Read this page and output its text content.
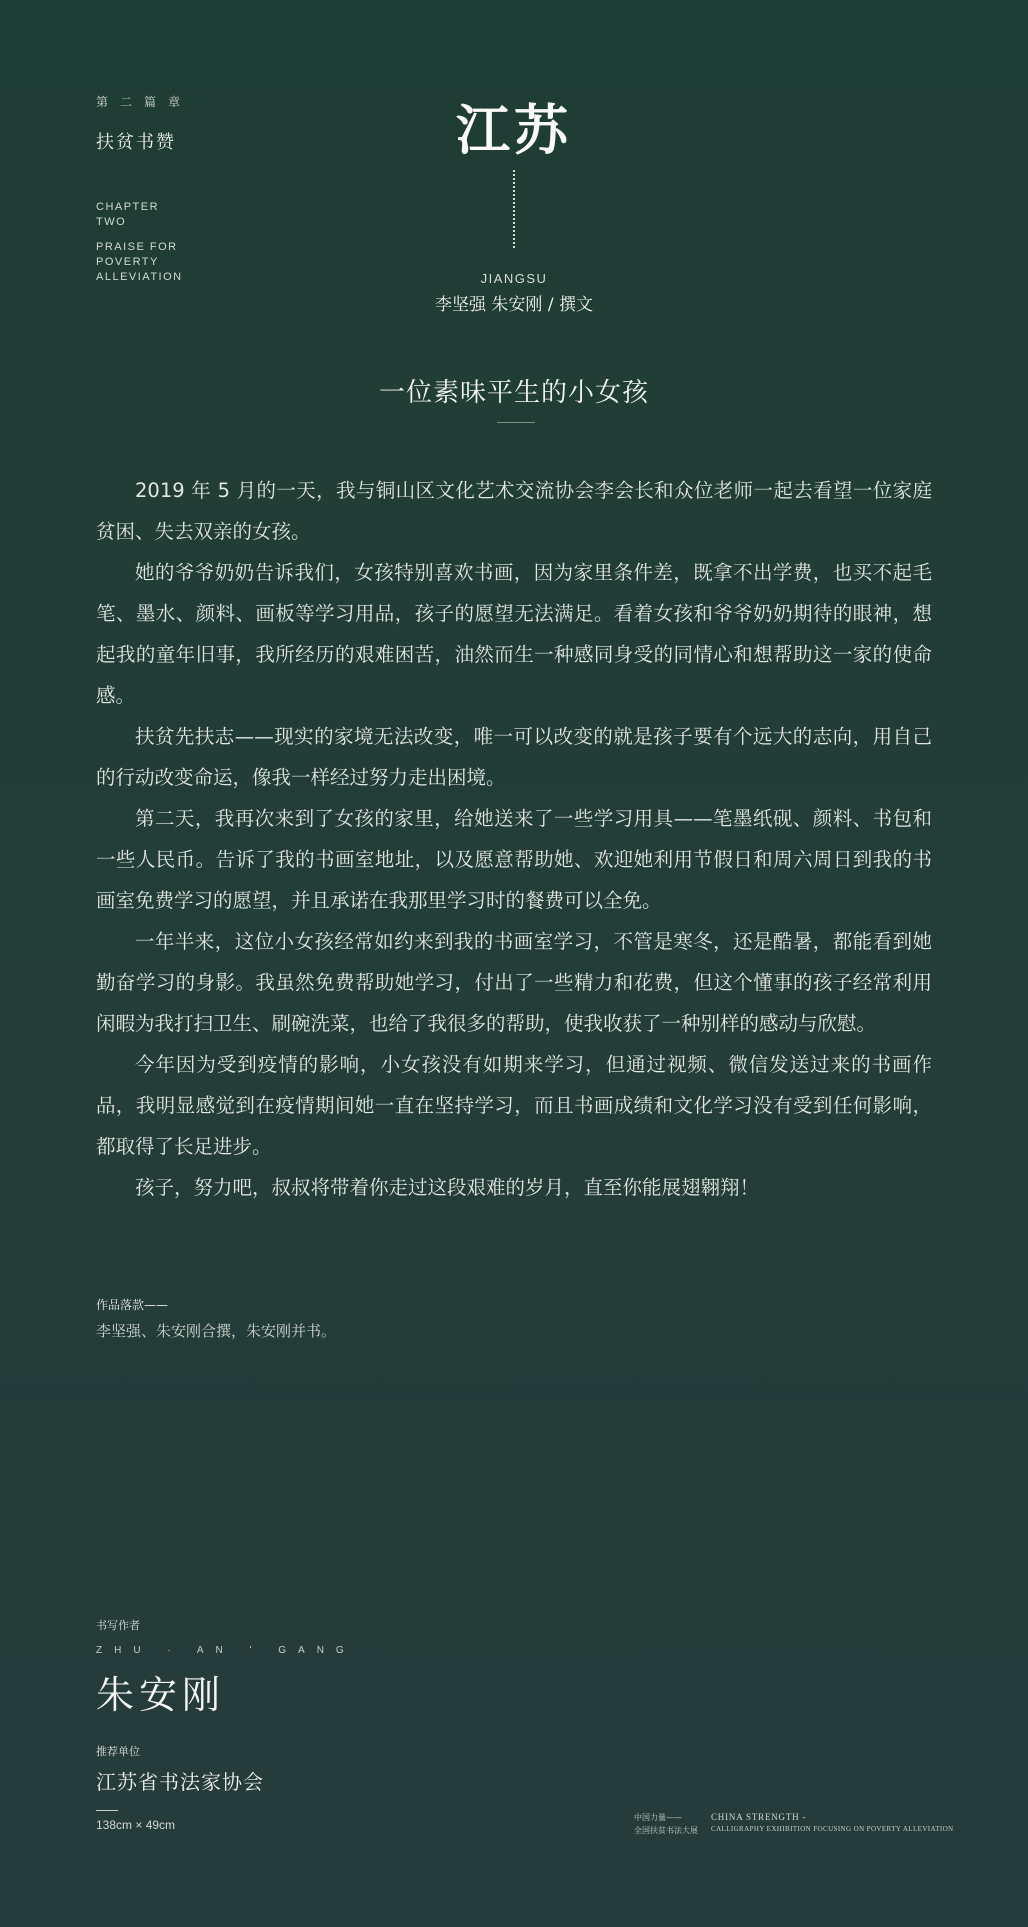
第二篇章
扶贫书赞
CHAPTER
TWO
PRAISE FOR
POVERTY
ALLEVIATION
江苏
JIANGSU
李坚强 朱安刚 / 撰文
一位素味平生的小女孩

2019 年 5 月的一天，我与铜山区文化艺术交流协会李会长和众位老师一起去看望一位家庭贫困、失去双亲的女孩。

她的爷爷奶奶告诉我们，女孩特别喜欢书画，因为家里条件差，既拿不出学费，也买不起毛笔、墨水、颜料、画板等学习用品，孩子的愿望无法满足。看着女孩和爷爷奶奶期待的眼神，想起我的童年旧事，我所经历的艰难困苦，油然而生一种感同身受的同情心和想帮助这一家的使命感。

扶贫先扶志——现实的家境无法改变，唯一可以改变的就是孩子要有个远大的志向，用自己的行动改变命运，像我一样经过努力走出困境。

第二天，我再次来到了女孩的家里，给她送来了一些学习用具——笔墨纸砚、颜料、书包和一些人民币。告诉了我的书画室地址，以及愿意帮助她、欢迎她利用节假日和周六周日到我的书画室免费学习的愿望，并且承诺在我那里学习时的餐费可以全免。

一年半来，这位小女孩经常如约来到我的书画室学习，不管是寒冬，还是酷暑，都能看到她勤奋学习的身影。我虽然免费帮助她学习，付出了一些精力和花费，但这个懂事的孩子经常利用闲暇为我打扫卫生、刷碗洗菜，也给了我很多的帮助，使我收获了一种别样的感动与欣慰。

今年因为受到疫情的影响，小女孩没有如期来学习，但通过视频、微信发送过来的书画作品，我明显感觉到在疫情期间她一直在坚持学习，而且书画成绩和文化学习没有受到任何影响，都取得了长足进步。

孩子，努力吧，叔叔将带着你走过这段艰难的岁月，直至你能展翅翱翔！

作品落款——
李坚强、朱安刚合撰，朱安刚并书。
书写作者
ZHU · AN ' GANG
朱安刚
推荐单位
江苏省书法家协会
138cm × 49cm
中国力量——
全国扶贫书法大展
CHINA STRENGTH -
CALLIGRAPHY EXHIBITION FOCUSING ON POVERTY ALLEVIATION
